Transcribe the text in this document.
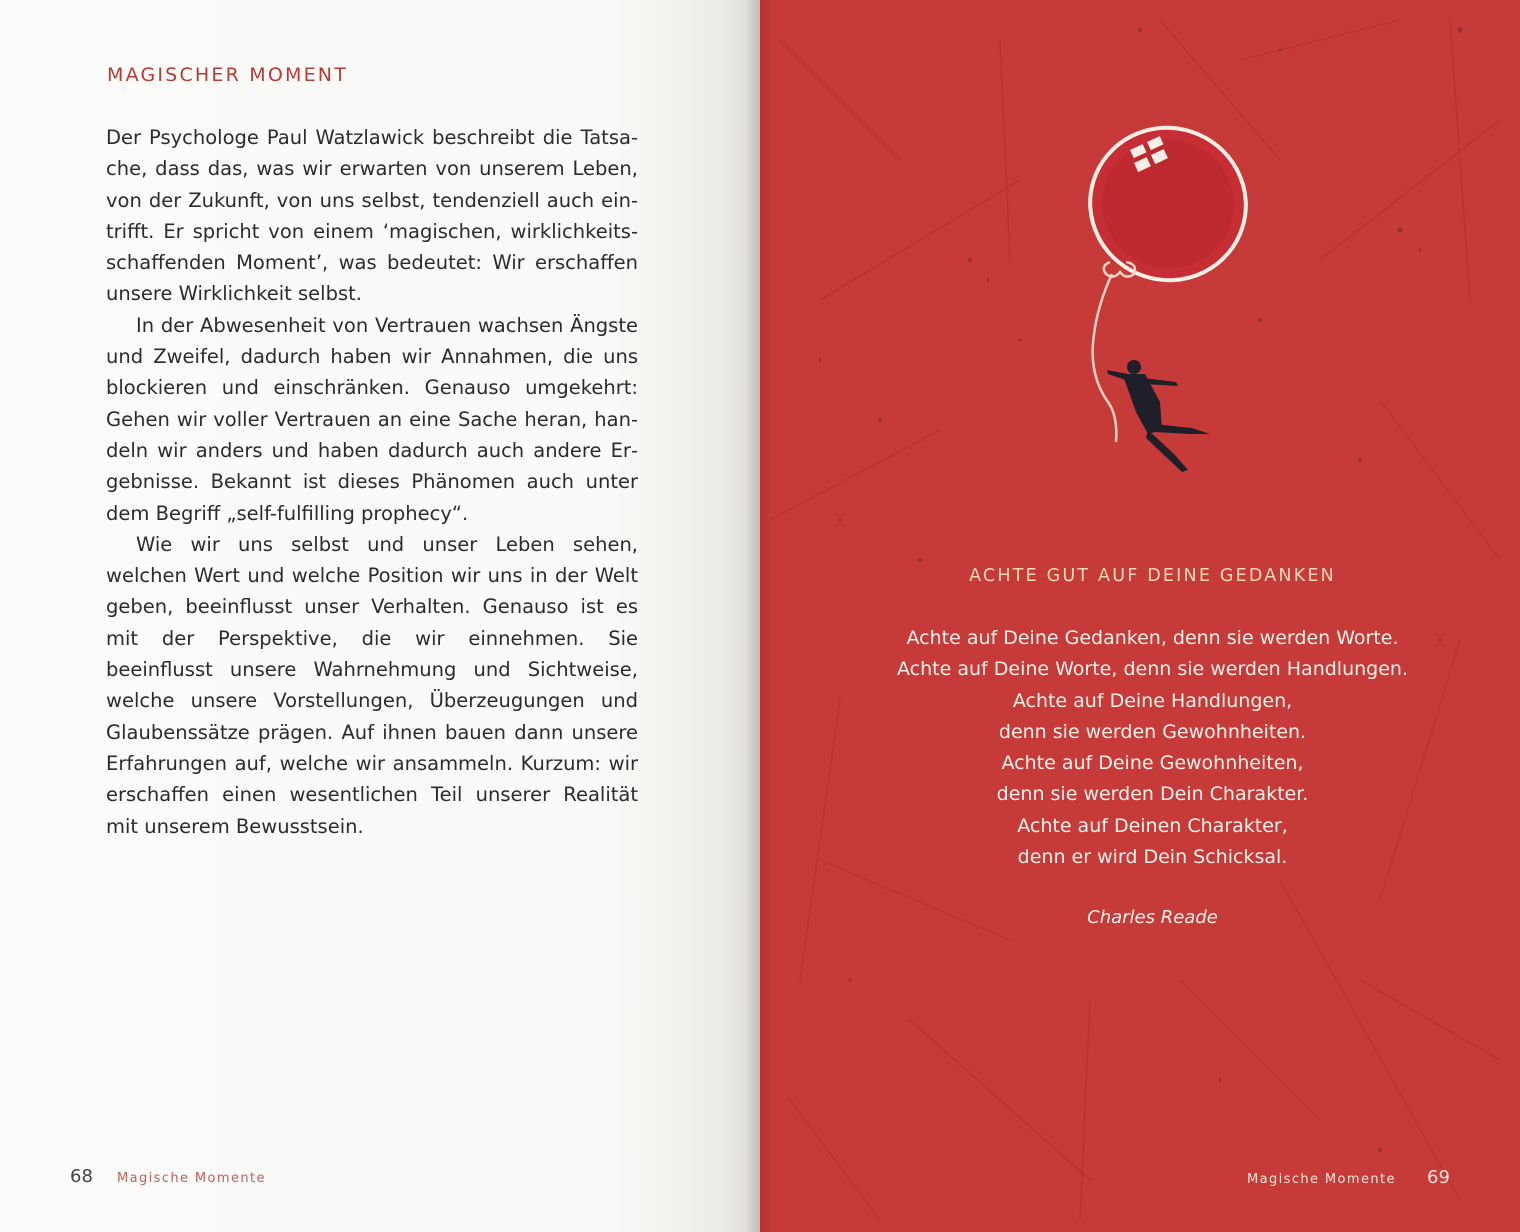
MAGISCHER MOMENT

Der Psychologe Paul Watzlawick beschreibt die Tatsache, dass das, was wir erwarten von unserem Leben, von der Zukunft, von uns selbst, tendenziell auch eintrifft. Er spricht von einem ‘magischen, wirklichkeitsschaffenden Moment’, was bedeutet: Wir erschaffen unsere Wirklichkeit selbst.

In der Abwesenheit von Vertrauen wachsen Ängste und Zweifel, dadurch haben wir Annahmen, die uns blockieren und einschränken. Genauso umgekehrt: Gehen wir voller Vertrauen an eine Sache heran, handeln wir anders und haben dadurch auch andere Ergebnisse. Bekannt ist dieses Phänomen auch unter dem Begriff „self-fulfilling prophecy“.

Wie wir uns selbst und unser Leben sehen, welchen Wert und welche Position wir uns in der Welt geben, beeinflusst unser Verhalten. Genauso ist es mit der Perspektive, die wir einnehmen. Sie beeinflusst unsere Wahrnehmung und Sichtweise, welche unsere Vorstellungen, Überzeugungen und Glaubenssätze prägen. Auf ihnen bauen dann unsere Erfahrungen auf, welche wir ansammeln. Kurzum: wir erschaffen einen wesentlichen Teil unserer Realität mit unserem Bewusstsein.

68 Magische Momente
ACHTE GUT AUF DEINE GEDANKEN
Achte auf Deine Gedanken, denn sie werden Worte.
Achte auf Deine Worte, denn sie werden Handlungen.
Achte auf Deine Handlungen,
denn sie werden Gewohnheiten.
Achte auf Deine Gewohnheiten,
denn sie werden Dein Charakter.
Achte auf Deinen Charakter,
denn er wird Dein Schicksal.
Charles Reade
Magische Momente 69
